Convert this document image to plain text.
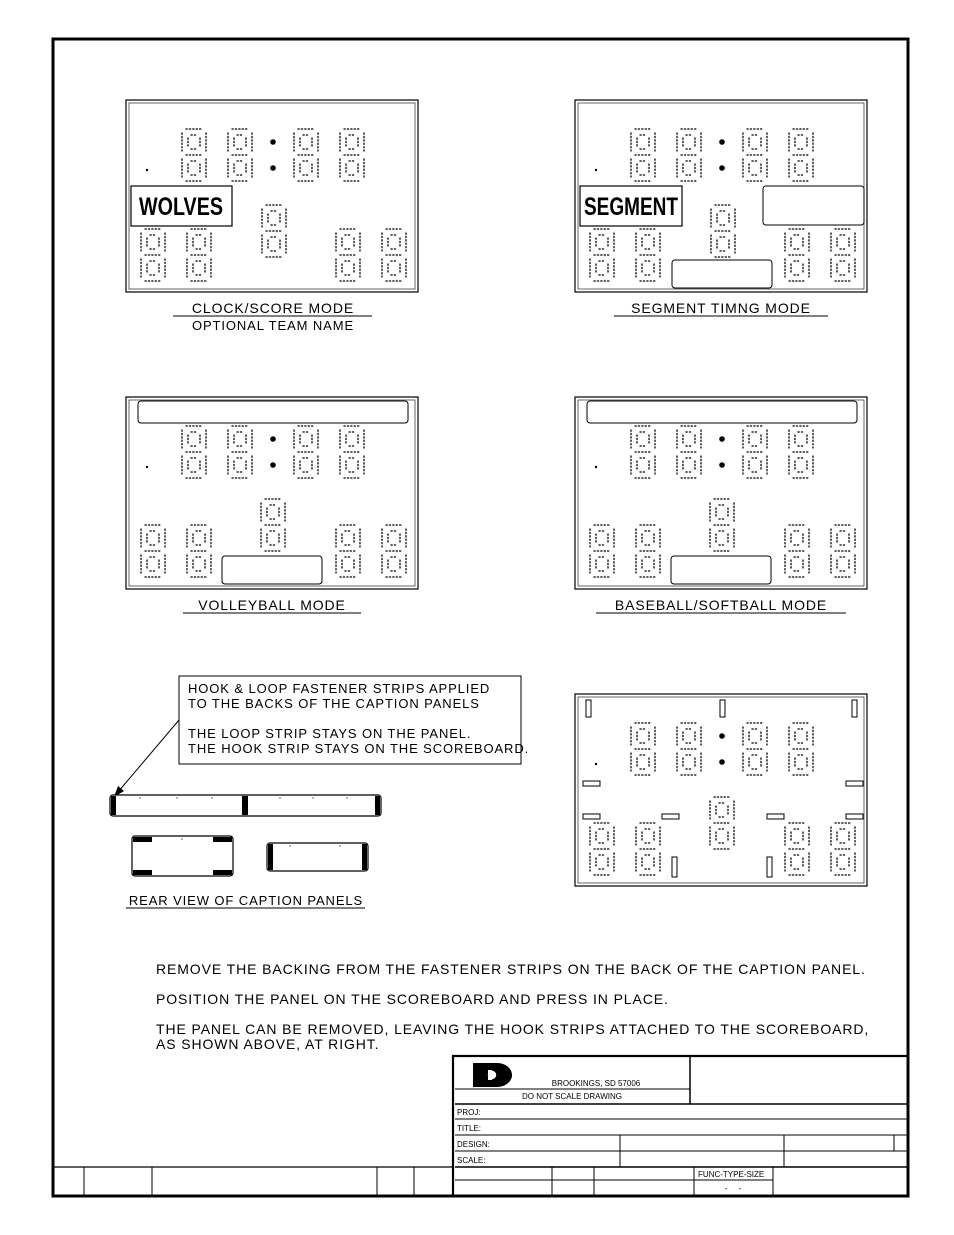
WOLVES
CLOCK/SCORE MODE
OPTIONAL TEAM NAME
SEGMENT
SEGMENT TIMNG MODE
VOLLEYBALL MODE	BASEBALL/SOFTBALL MODE
HOOK & LOOP FASTENER STRIPS APPLIED
TO THE BACKS OF THE CAPTION PANELS
THE LOOP STRIP STAYS ON THE PANEL.
THE HOOK STRIP STAYS ON THE SCOREBOARD.
REAR VIEW OF CAPTION PANELS
REMOVE THE BACKING FROM THE FASTENER STRIPS ON THE BACK OF THE CAPTION PANEL.
POSITION THE PANEL ON THE SCOREBOARD AND PRESS IN PLACE.
THE PANEL CAN BE REMOVED, LEAVING THE HOOK STRIPS ATTACHED TO THE SCOREBOARD,
AS SHOWN ABOVE, AT RIGHT.
BROOKINGS, SD 57006
DO NOT SCALE DRAWING
PROJ:
TITLE:
DESIGN:
SCALE:
FUNC-TYPE-SIZE
-     -
